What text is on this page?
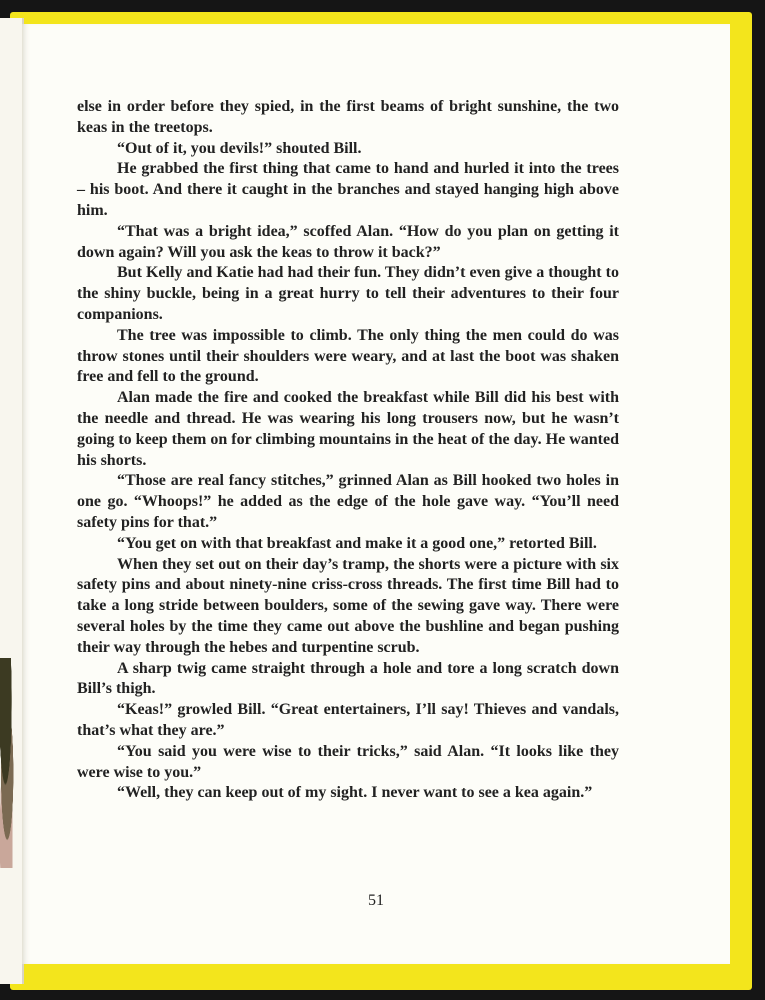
else in order before they spied, in the first beams of bright sunshine, the two keas in the treetops.

“Out of it, you devils!” shouted Bill.

He grabbed the first thing that came to hand and hurled it into the trees – his boot. And there it caught in the branches and stayed hanging high above him.

“That was a bright idea,” scoffed Alan. “How do you plan on getting it down again? Will you ask the keas to throw it back?”

But Kelly and Katie had had their fun. They didn’t even give a thought to the shiny buckle, being in a great hurry to tell their adventures to their four companions.

The tree was impossible to climb. The only thing the men could do was throw stones until their shoulders were weary, and at last the boot was shaken free and fell to the ground.

Alan made the fire and cooked the breakfast while Bill did his best with the needle and thread. He was wearing his long trousers now, but he wasn’t going to keep them on for climbing mountains in the heat of the day. He wanted his shorts.

“Those are real fancy stitches,” grinned Alan as Bill hooked two holes in one go. “Whoops!” he added as the edge of the hole gave way. “You’ll need safety pins for that.”

“You get on with that breakfast and make it a good one,” retorted Bill.

When they set out on their day’s tramp, the shorts were a picture with six safety pins and about ninety-nine criss-cross threads. The first time Bill had to take a long stride between boulders, some of the sewing gave way. There were several holes by the time they came out above the bushline and began pushing their way through the hebes and turpentine scrub.

A sharp twig came straight through a hole and tore a long scratch down Bill’s thigh.

“Keas!” growled Bill. “Great entertainers, I’ll say! Thieves and vandals, that’s what they are.”

“You said you were wise to their tricks,” said Alan. “It looks like they were wise to you.”

“Well, they can keep out of my sight. I never want to see a kea again.”

51
